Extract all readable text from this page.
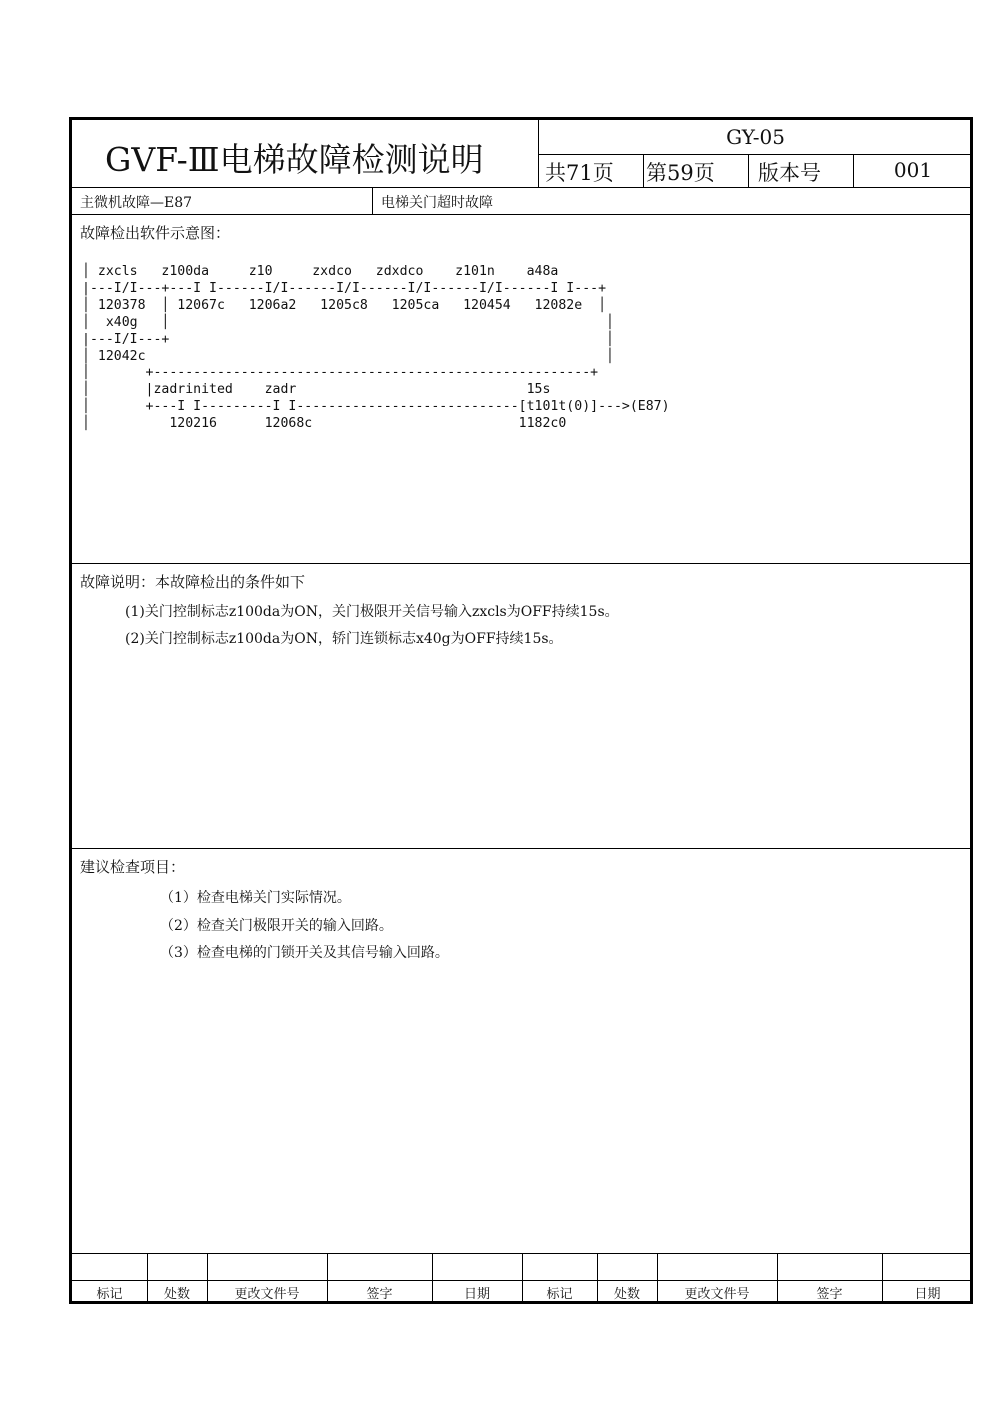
GVF-Ⅲ电梯故障检测说明
GY-05
共71页 第59页 版本号	001
主微机故障—E87	电梯关门超时故障
故障检出软件示意图：
│ zxcls   z100da     z10     zxdco   zdxdco    z101n    a48a
|---I/I---+---I I------I/I------I/I------I/I------I/I------I I---+
│ 120378  │ 12067c   1206a2   1205c8   1205ca   120454   12082e  │
│  x40g   │                                                       │
|---I/I---+                                                       │
│ 12042c                                                          │
│       +-------------------------------------------------------+
│       |zadrinited    zadr                             15s
│       +---I I---------I I----------------------------[t101t(0)]--->(E87)
│          120216      12068c                          1182c0
故障说明：本故障检出的条件如下
(1)关门控制标志z100da为ON，关门极限开关信号输入zxcls为OFF持续15s。
(2)关门控制标志z100da为ON，轿门连锁标志x40g为OFF持续15s。
建议检查项目：
（1）检查电梯关门实际情况。
（2）检查关门极限开关的输入回路。
（3）检查电梯的门锁开关及其信号输入回路。
标记	处数	更改文件号	签字	日期	标记	处数	更改文件号	签字	日期
